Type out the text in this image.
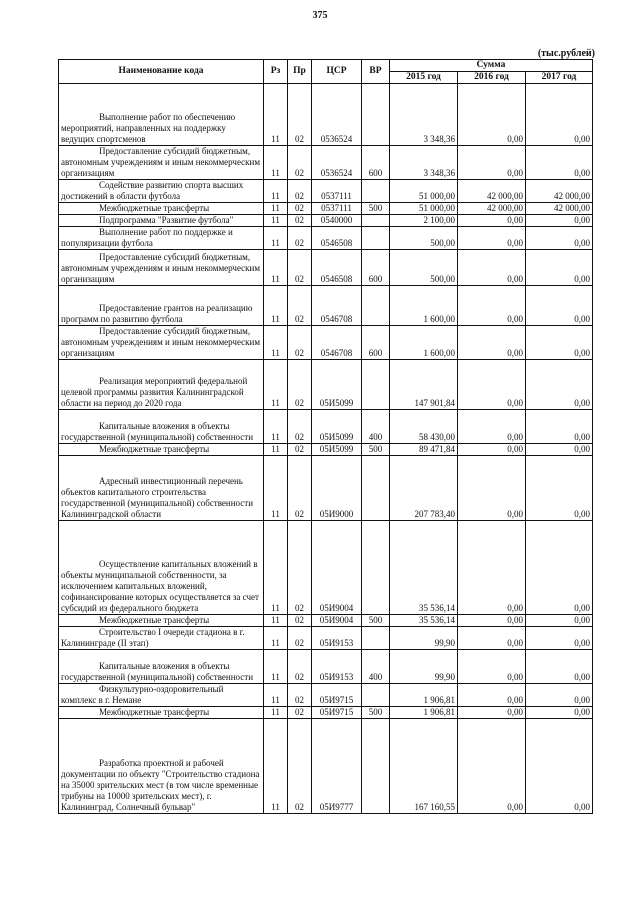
375
(тыс.рублей)
Наименование кода	Рз	Пр	ЦСР	ВР	Сумма		
					2015 год	2016 год	2017 год
Выполнение работ по обеспечению мероприятий, направленных на поддержку ведущих спортсменов	11	02	0536524		3 348,36	0,00	0,00
Предоставление субсидий бюджетным, автономным учреждениям и иным некоммерческим организациям	11	02	0536524	600	3 348,36	0,00	0,00
Содействие развитию спорта высших достижений в области футбола	11	02	0537111		51 000,00	42 000,00	42 000,00
Межбюджетные трансферты	11	02	0537111	500	51 000,00	42 000,00	42 000,00
Подпрограмма "Развитие футбола"	11	02	0540000		2 100,00	0,00	0,00
Выполнение работ по поддержке и популяризации футбола	11	02	0546508		500,00	0,00	0,00
Предоставление субсидий бюджетным, автономным учреждениям и иным некоммерческим организациям	11	02	0546508	600	500,00	0,00	0,00
Предоставление грантов на реализацию программ по развитию футбола	11	02	0546708		1 600,00	0,00	0,00
Предоставление субсидий бюджетным, автономным учреждениям и иным некоммерческим организациям	11	02	0546708	600	1 600,00	0,00	0,00
Реализация мероприятий федеральной целевой программы развития Калининградской области на период до 2020 года	11	02	05И5099		147 901,84	0,00	0,00
Капитальные вложения в объекты государственной (муниципальной) собственности	11	02	05И5099	400	58 430,00	0,00	0,00
Межбюджетные трансферты	11	02	05И5099	500	89 471,84	0,00	0,00
Адресный инвестиционный перечень объектов капитального строительства государственной (муниципальной) собственности Калининградской области	11	02	05И9000		207 783,40	0,00	0,00
Осуществление капитальных вложений в объекты муниципальной собственности, за исключением капитальных вложений, софинансирование которых осуществляется за счет субсидий из федерального бюджета	11	02	05И9004		35 536,14	0,00	0,00
Межбюджетные трансферты	11	02	05И9004	500	35 536,14	0,00	0,00
Строительство I очереди стадиона в г. Калининграде (II этап)	11	02	05И9153		99,90	0,00	0,00
Капитальные вложения в объекты государственной (муниципальной) собственности	11	02	05И9153	400	99,90	0,00	0,00
Физкультурно-оздоровительный комплекс в г. Немане	11	02	05И9715		1 906,81	0,00	0,00
Межбюджетные трансферты	11	02	05И9715	500	1 906,81	0,00	0,00
Разработка проектной и рабочей документации по объекту "Строительство стадиона на 35000 зрительских мест (в том числе временные трибуны на 10000 зрительских мест), г. Калининград, Солнечный бульвар"	11	02	05И9777		167 160,55	0,00	0,00
